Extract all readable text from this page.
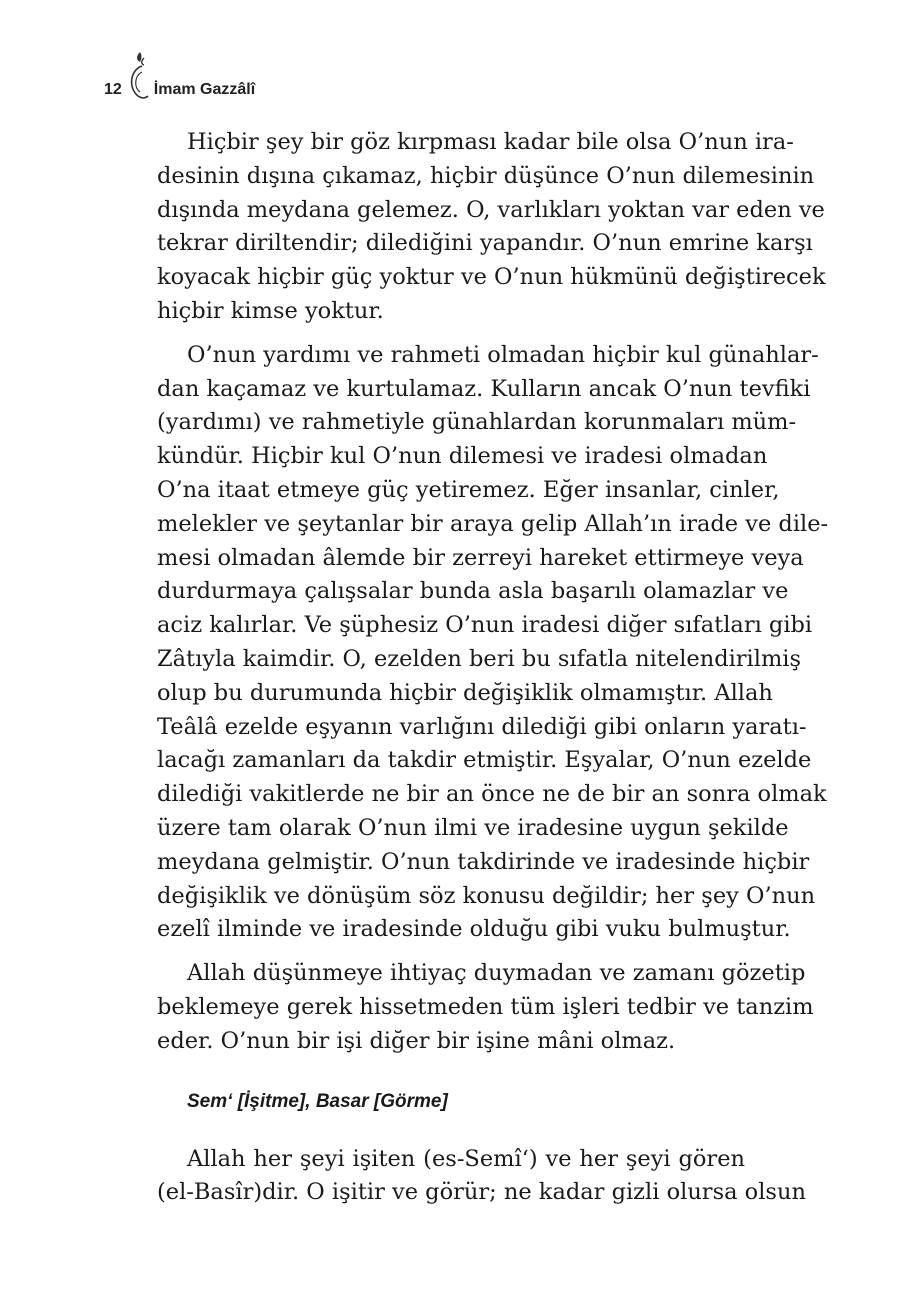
12 İmam Gazzâlî
Hiçbir şey bir göz kırpması kadar bile olsa O’nun ira-
desinin dışına çıkamaz, hiçbir düşünce O’nun dilemesinin
dışında meydana gelemez. O, varlıkları yoktan var eden ve
tekrar diriltendir; dilediğini yapandır. O’nun emrine karşı
koyacak hiçbir güç yoktur ve O’nun hükmünü değiştirecek
hiçbir kimse yoktur.
O’nun yardımı ve rahmeti olmadan hiçbir kul günahlar-
dan kaçamaz ve kurtulamaz. Kulların ancak O’nun tevfiki
(yardımı) ve rahmetiyle günahlardan korunmaları müm-
kündür. Hiçbir kul O’nun dilemesi ve iradesi olmadan
O’na itaat etmeye güç yetiremez. Eğer insanlar, cinler,
melekler ve şeytanlar bir araya gelip Allah’ın irade ve dile-
mesi olmadan âlemde bir zerreyi hareket ettirmeye veya
durdurmaya çalışsalar bunda asla başarılı olamazlar ve
aciz kalırlar. Ve şüphesiz O’nun iradesi diğer sıfatları gibi
Zâtıyla kaimdir. O, ezelden beri bu sıfatla nitelendirilmiş
olup bu durumunda hiçbir değişiklik olmamıştır. Allah
Teâlâ ezelde eşyanın varlığını dilediği gibi onların yaratı-
lacağı zamanları da takdir etmiştir. Eşyalar, O’nun ezelde
dilediği vakitlerde ne bir an önce ne de bir an sonra olmak
üzere tam olarak O’nun ilmi ve iradesine uygun şekilde
meydana gelmiştir. O’nun takdirinde ve iradesinde hiçbir
değişiklik ve dönüşüm söz konusu değildir; her şey O’nun
ezelî ilminde ve iradesinde olduğu gibi vuku bulmuştur.
Allah düşünmeye ihtiyaç duymadan ve zamanı gözetip
beklemeye gerek hissetmeden tüm işleri tedbir ve tanzim
eder. O’nun bir işi diğer bir işine mâni olmaz.
Sem‘ [İşitme], Basar [Görme]
Allah her şeyi işiten (es-Semî‘) ve her şeyi gören
(el-Basîr)dir. O işitir ve görür; ne kadar gizli olursa olsun
